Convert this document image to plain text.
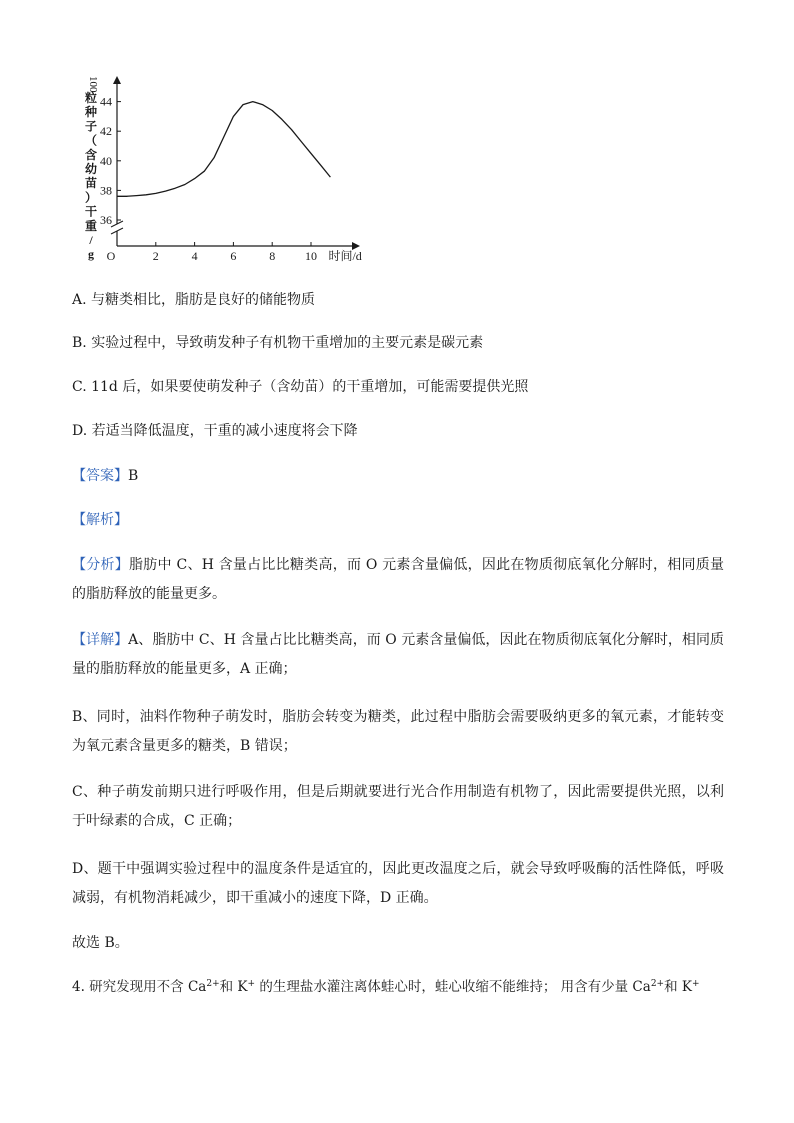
2	4	6	8 10
O	时间/d
36
38
40
42
44
100
粒
种
子
（
含
幼
苗
）
干
重
/
g
A. 与糖类相比，脂肪是良好的储能物质
B. 实验过程中，导致萌发种子有机物干重增加的主要元素是碳元素
C. 11d 后，如果要使萌发种子（含幼苗）的干重增加，可能需要提供光照
D. 若适当降低温度，干重的减小速度将会下降
【答案】B
【解析】
【分析】脂肪中 C、H 含量占比比糖类高，而 O 元素含量偏低，因此在物质彻底氧化分解时，相同质量的脂肪释放的能量更多。
【详解】A、脂肪中 C、H 含量占比比糖类高，而 O 元素含量偏低，因此在物质彻底氧化分解时，相同质量的脂肪释放的能量更多，A 正确；
B、同时，油料作物种子萌发时，脂肪会转变为糖类，此过程中脂肪会需要吸纳更多的氧元素，才能转变为氧元素含量更多的糖类，B 错误；
C、种子萌发前期只进行呼吸作用，但是后期就要进行光合作用制造有机物了，因此需要提供光照，以利于叶绿素的合成，C 正确；
D、题干中强调实验过程中的温度条件是适宜的，因此更改温度之后，就会导致呼吸酶的活性降低，呼吸减弱，有机物消耗减少，即干重减小的速度下降，D 正确。
故选 B。
4. 研究发现用不含 $Ca^{2+}$和 K+ 的生理盐水灌注离体蛙心时，蛙心收缩不能维持； 用含有少量 $Ca^{2+}$和 K+
